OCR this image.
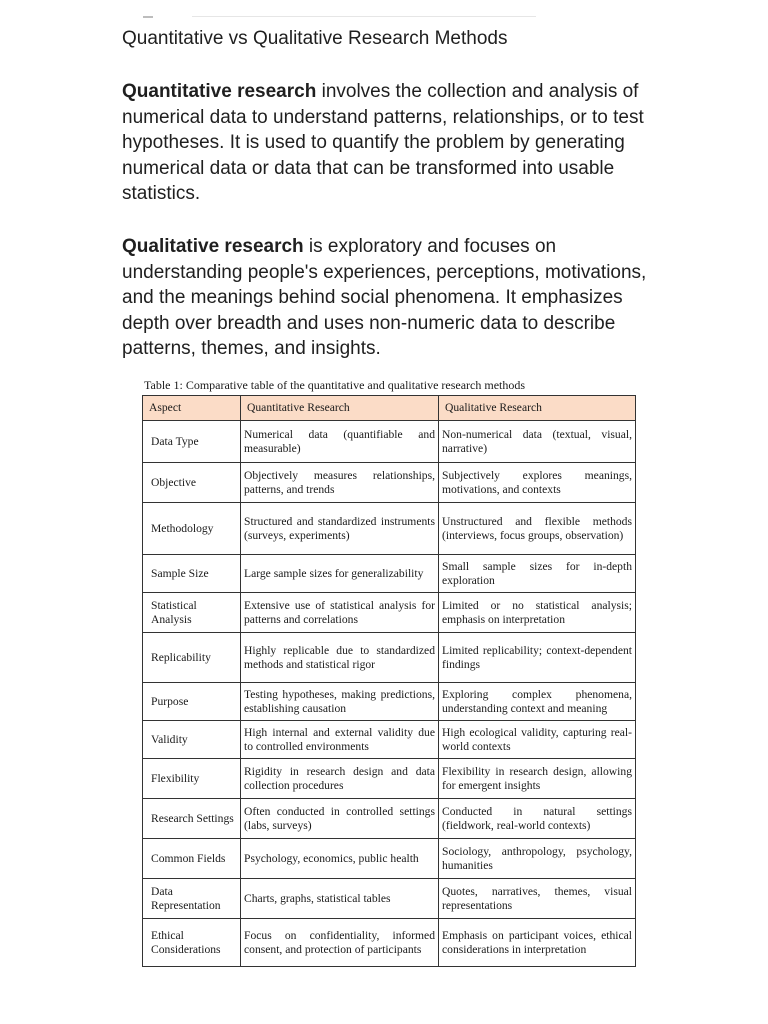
Quantitative vs Qualitative Research Methods
Quantitative research involves the collection and analysis of numerical data to understand patterns, relationships, or to test hypotheses. It is used to quantify the problem by generating numerical data or data that can be transformed into usable statistics.
Qualitative research is exploratory and focuses on understanding people's experiences, perceptions, motivations, and the meanings behind social phenomena. It emphasizes depth over breadth and uses non-numeric data to describe patterns, themes, and insights.
Table 1: Comparative table of the quantitative and qualitative research methods
Aspect	Quantitative Research	Qualitative Research
Data Type	Numerical data (quantifiable and measurable)	Non-numerical data (textual, visual, narrative)
Objective	Objectively measures relationships, patterns, and trends	Subjectively explores meanings, motivations, and contexts
Methodology	Structured and standardized instruments (surveys, experiments)	Unstructured and flexible methods (interviews, focus groups, observation)
Sample Size	Large sample sizes for generalizability	Small sample sizes for in-depth exploration
Statistical Analysis	Extensive use of statistical analysis for patterns and correlations	Limited or no statistical analysis; emphasis on interpretation
Replicability	Highly replicable due to standardized methods and statistical rigor	Limited replicability; context-dependent findings
Purpose	Testing hypotheses, making predictions, establishing causation	Exploring complex phenomena, understanding context and meaning
Validity	High internal and external validity due to controlled environments	High ecological validity, capturing real-world contexts
Flexibility	Rigidity in research design and data collection procedures	Flexibility in research design, allowing for emergent insights
Research Settings	Often conducted in controlled settings (labs, surveys)	Conducted in natural settings (fieldwork, real-world contexts)
Common Fields	Psychology, economics, public health	Sociology, anthropology, psychology, humanities
Data Representation	Charts, graphs, statistical tables	Quotes, narratives, themes, visual representations
Ethical Considerations	Focus on confidentiality, informed consent, and protection of participants	Emphasis on participant voices, ethical considerations in interpretation
